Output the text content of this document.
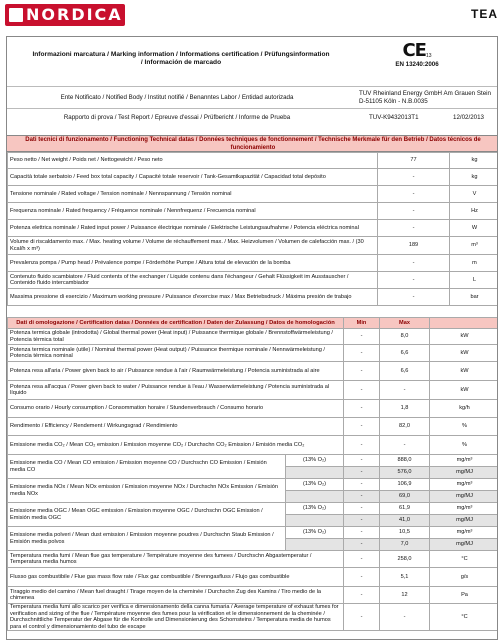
NORDICA	TEA
Informazioni marcatura / Marking information / Informations certification / Prüfungsinformation / Información de marcado
CE13
EN 13240:2006
Ente Notificato / Notified Body / Institut notifié / Benanntes Labor / Entidad autorizada
TÜV Rheinland Energy GmbH Am Grauen Stein D-51105 Köln - N.B.0035
Rapporto di prova / Test Report / Epreuve d'essai / Prüfbericht / Informe de Prueba	TÜV-K9432013T1	12/02/2013
Dati tecnici di funzionamento / Functioning Technical datas / Données techniques de fonctionnement / Technische Merkmale für den Betrieb / Datos técnicos de funcionamiento
Peso netto / Net weight / Poids net / Nettogewicht / Peso neto	77	kg
Capacità totale serbatoio / Feed box total capacity / Capacité totale reservoir / Tank-Gesamtkapazität / Capacidad total depósito	-	kg
Tensione nominale / Rated voltage / Tension nominale / Nennspannung / Tensión nominal	-	V
Frequenza nominale / Rated frequency / Fréquence nominale / Nennfrequenz / Frecuencia nominal	-	Hz
Potenza elettrica nominale / Rated input power / Puissance électrique nominale / Elektrische Leistungsaufnahme / Potencia eléctrica nominal	-	W
Volume di riscaldamento max. / Max. heating volume / Volume de réchauffement max. / Max. Heizvolumen / Volumen de calefacción max. / (30 Kcal/h x m³)	189	m³
Prevalenza pompa / Pump head / Prévalence pompe / Förderhöhe Pumpe / Altura total de elevación de la bomba	-	m
Contenuto fluido scambiatore / Fluid contents of the exchanger / Liquide contenu dans l'échangeur / Gehalt Flüssigkeit im Ausstauscher / Contenido fluido intercambiador	-	L
Massima pressione di esercizio / Maximum working pressure / Puissance d'exercise max / Max Betriebsdruck / Máxima presión de trabajo	-	bar
Dati di omologazione / Certification datas / Données de certification / Daten der Zulassung / Datos de homologación		Min	Max	
Potenza termica globale (introdotta) / Global thermal power (Heat input) / Puissance thermique globale / Brennstoffwärmeleistung / Potencia térmica total		-	8,0	kW
Potenza termica nominale (utile) / Nominal thermal power (Heat output) / Puissance thermique nominale / Nennwärmeleistung / Potencia térmica nominal		-	6,6	kW
Potenza resa all'aria / Power given back to air / Puissance rendue à l'air / Raumwärmeleistung / Potencia suministrada al aire		-	6,6	kW
Potenza resa all'acqua / Power given back to water / Puissance rendue à l'eau / Wasserwärmeleistung / Potencia suministrada al líquido		-	-	kW
Consumo orario / Hourly consumption / Consommation horaire / Stundenverbrauch / Consumo horario		-	1,8	kg/h
Rendimento / Efficiency / Rendement / Wirkungsgrad / Rendimiento		-	82,0	%
Emissione media CO₂ / Mean CO₂ emission / Emission moyenne CO₂ / Durchschn CO₂ Emission / Emisión media CO₂		-	-	%
Emissione media CO / Mean CO emission / Emission moyenne CO / Durchschn CO Emission / Emisión media CO	(13% O₂)	-	888,0	mg/m³
		-	576,0	mg/MJ
Emissione media NOx / Mean NOx emission / Emission moyenne NOx / Durchschn NOx Emission / Emisión media NOx	(13% O₂)	-	106,9	mg/m³
		-	69,0	mg/MJ
Emissione media OGC / Mean OGC emission / Emission moyenne OGC / Durchschn OGC Emission / Emisión media OGC	(13% O₂)	-	61,9	mg/m³
		-	41,0	mg/MJ
Emissione media polveri / Mean dust emission / Emission moyenne poudres / Durchschn Staub Emission / Emisión media polvos	(13% O₂)	-	10,5	mg/m³
		-	7,0	mg/MJ
Temperatura media fumi / Mean flue gas temperature / Température moyenne des fumees / Durchschn Abgastemperatur / Temperatura media humos		-	258,0	°C
Flusso gas combustibile / Flue gas mass flow rate / Flux gaz combustible / Brenngasfluss / Flujo gas combustible		-	5,1	g/s
Tiraggio medio del camino / Mean fuel draught / Tirage moyen de la cheminée / Durchschn Zug des Kamins / Tiro medio de la chimenea		-	12	Pa
Temperatura media fumi allo scarico per verifica e dimensionamento della canna fumaria / Average temperature of exhaust fumes for verification and sizing of the flue / Température moyenne des fumes pour la vérification et le dimensionnement de la cheminée / Durchschnittliche Temperatur der Abgase für die Kontrolle und Dimensionierung des Schornsteins / Temperatura media de humos para el control y dimensionamiento del tubo de escape		-	-	°C
